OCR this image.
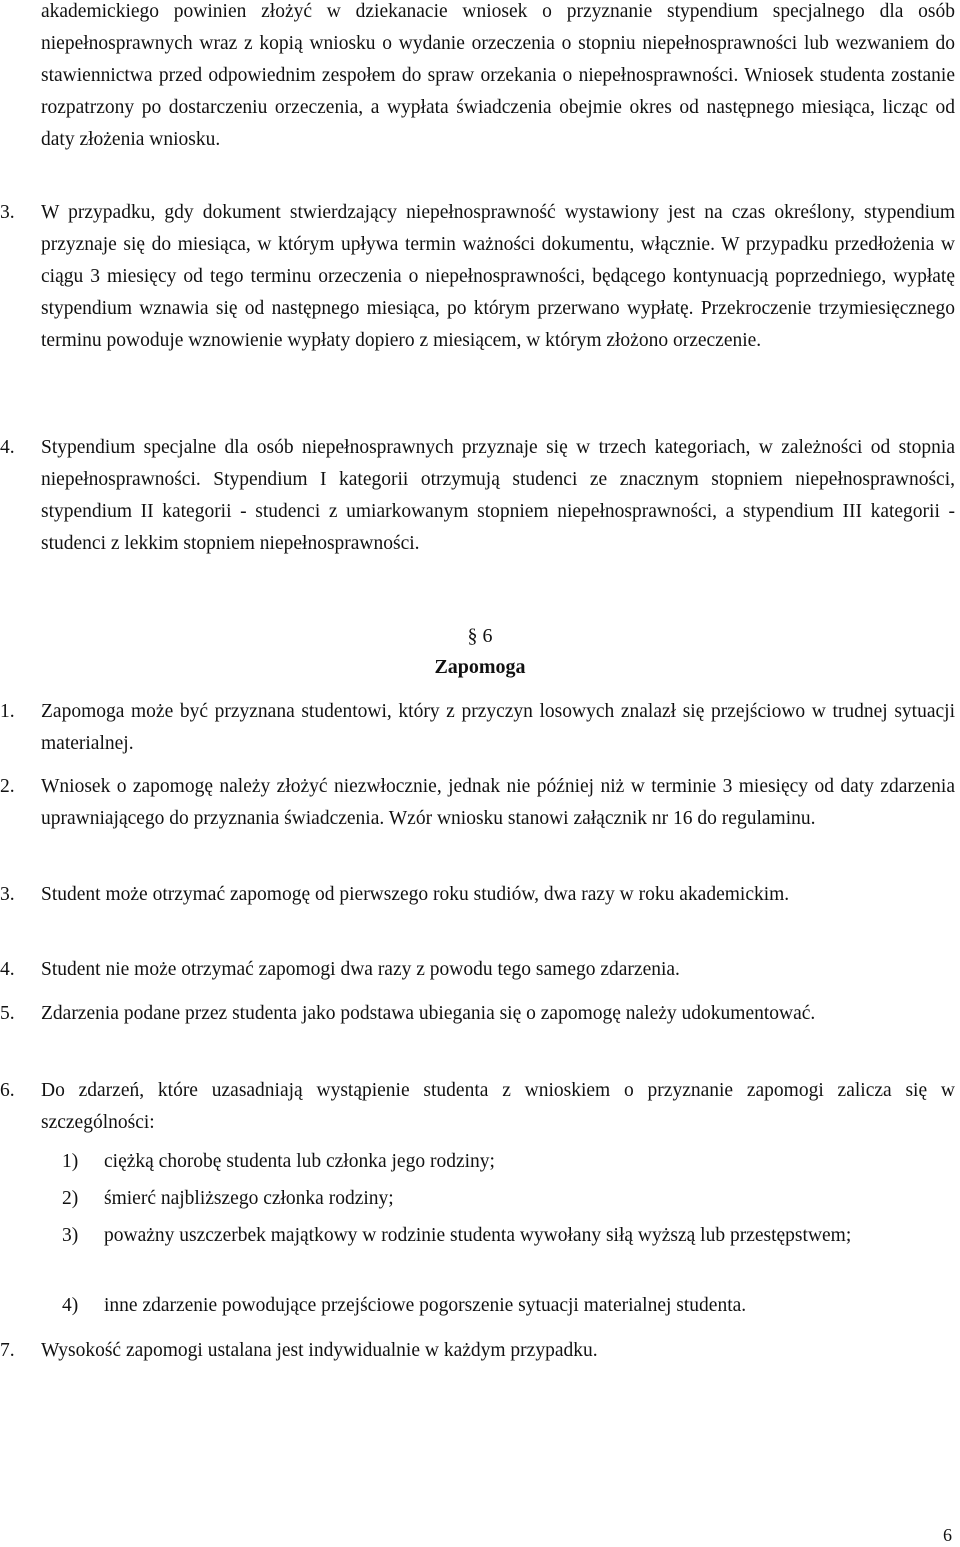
akademickiego powinien złożyć w dziekanacie wniosek o przyznanie stypendium specjalnego dla osób niepełnosprawnych wraz z kopią wniosku o wydanie orzeczenia o stopniu niepełnosprawności lub wezwaniem do stawiennictwa przed odpowiednim zespołem do spraw orzekania o niepełnosprawności. Wniosek studenta zostanie rozpatrzony po dostarczeniu orzeczenia, a wypłata świadczenia obejmie okres od następnego miesiąca, licząc od daty złożenia wniosku.
3.	W przypadku, gdy dokument stwierdzający niepełnosprawność wystawiony jest na czas określony, stypendium przyznaje się do miesiąca, w którym upływa termin ważności dokumentu, włącznie. W przypadku przedłożenia w ciągu 3 miesięcy od tego terminu orzeczenia o niepełnosprawności, będącego kontynuacją poprzedniego, wypłatę stypendium wznawia się od następnego miesiąca, po którym przerwano wypłatę. Przekroczenie trzymiesięcznego terminu powoduje wznowienie wypłaty dopiero z miesiącem, w którym złożono orzeczenie.
4.	Stypendium specjalne dla osób niepełnosprawnych przyznaje się w trzech kategoriach, w zależności od stopnia niepełnosprawności. Stypendium I kategorii otrzymują studenci ze znacznym stopniem niepełnosprawności, stypendium II kategorii - studenci z umiarkowanym stopniem niepełnosprawności, a stypendium III kategorii - studenci z lekkim stopniem niepełnosprawności.
§ 6
Zapomoga
1.	Zapomoga może być przyznana studentowi, który z przyczyn losowych znalazł się przejściowo w trudnej sytuacji materialnej.
2.	Wniosek o zapomogę należy złożyć niezwłocznie, jednak nie później niż w terminie 3 miesięcy od daty zdarzenia uprawniającego do przyznania świadczenia. Wzór wniosku stanowi załącznik nr 16 do regulaminu.
3.	Student może otrzymać zapomogę od pierwszego roku studiów, dwa razy w roku akademickim.
4.	Student nie może otrzymać zapomogi dwa razy z powodu tego samego zdarzenia.
5.	Zdarzenia podane przez studenta jako podstawa ubiegania się o zapomogę należy udokumentować.
6.	Do zdarzeń, które uzasadniają wystąpienie studenta z wnioskiem o przyznanie zapomogi zalicza się w szczególności:
1)	ciężką chorobę studenta lub członka jego rodziny;
2)	śmierć najbliższego członka rodziny;
3)	poważny uszczerbek majątkowy w rodzinie studenta wywołany siłą wyższą lub przestępstwem;
4)	inne zdarzenie powodujące przejściowe pogorszenie sytuacji materialnej studenta.
7.	Wysokość zapomogi ustalana jest indywidualnie w każdym przypadku.
6
